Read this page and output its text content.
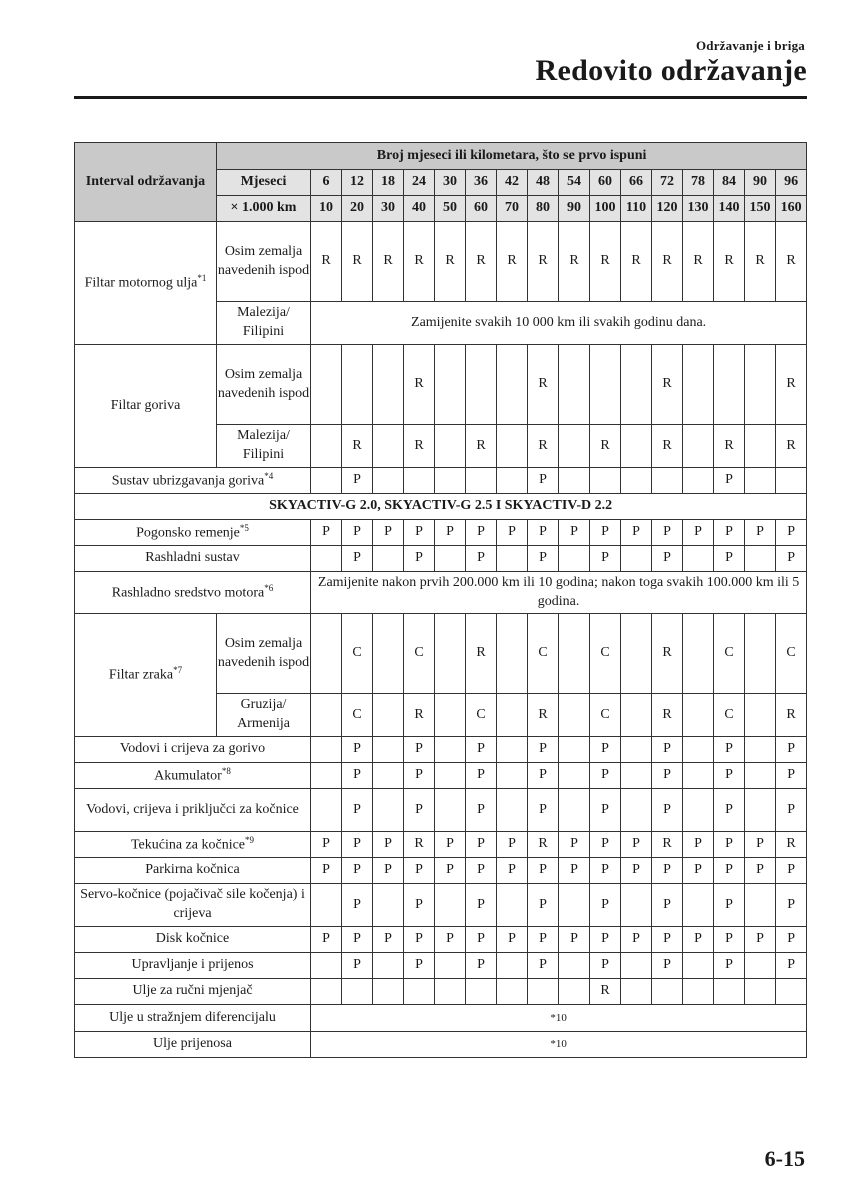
Održavanje i briga
Redovito održavanje
Interval održavanja	Broj mjeseci ili kilometara, što se prvo ispuni																
	Mjeseci	6	12	18	24	30	36	42	48	54	60	66	72	78	84	90	96
	× 1.000 km	10	20	30	40	50	60	70	80	90	100	110	120	130	140	150	160
Filtar motornog ulja$^{*1}$	Osim zemalja navedenih ispod	R	R	R	R	R	R	R	R	R	R	R	R	R	R	R	R
	Malezija/ Filipini	Zamijenite svakih 10 000 km ili svakih godinu dana.															
Filtar goriva	Osim zemalja navedenih ispod				R				R				R				R
	Malezija/ Filipini		R		R		R		R		R		R		R		R
Sustav ubrizgavanja goriva$^{*4}$			P						P						P		
SKYACTIV-G 2.0, SKYACTIV-G 2.5 I SKYACTIV-D 2.2																	
Pogonsko remenje$^{*5}$		P	P	P	P	P	P	P	P	P	P	P	P	P	P	P	P
Rashladni sustav			P		P		P		P		P		P		P		P
Rashladno sredstvo motora$^{*6}$		Zamijenite nakon prvih 200.000 km ili 10 godina; nakon toga svakih 100.000 km ili 5 godina.															
Filtar zraka$^{*7}$	Osim zemalja navedenih ispod		C		C		R		C		C		R		C		C
	Gruzija/ Armenija		C		R		C		R		C		R		C		R
Vodovi i crijeva za gorivo			P		P		P		P		P		P		P		P
Akumulator$^{*8}$			P		P		P		P		P		P		P		P
Vodovi, crijeva i priključci za kočnice			P		P		P		P		P		P		P		P
Tekućina za kočnice$^{*9}$		P	P	P	R	P	P	P	R	P	P	P	R	P	P	P	R
Parkirna kočnica		P	P	P	P	P	P	P	P	P	P	P	P	P	P	P	P
Servo-kočnice (pojačivač sile kočenja) i crijeva			P		P		P		P		P		P		P		P
Disk kočnice		P	P	P	P	P	P	P	P	P	P	P	P	P	P	P	P
Upravljanje i prijenos			P		P		P		P		P		P		P		P
Ulje za ručni mjenjač											R						
Ulje u stražnjem diferencijalu		*10															
Ulje prijenosa		*10															
6-15
